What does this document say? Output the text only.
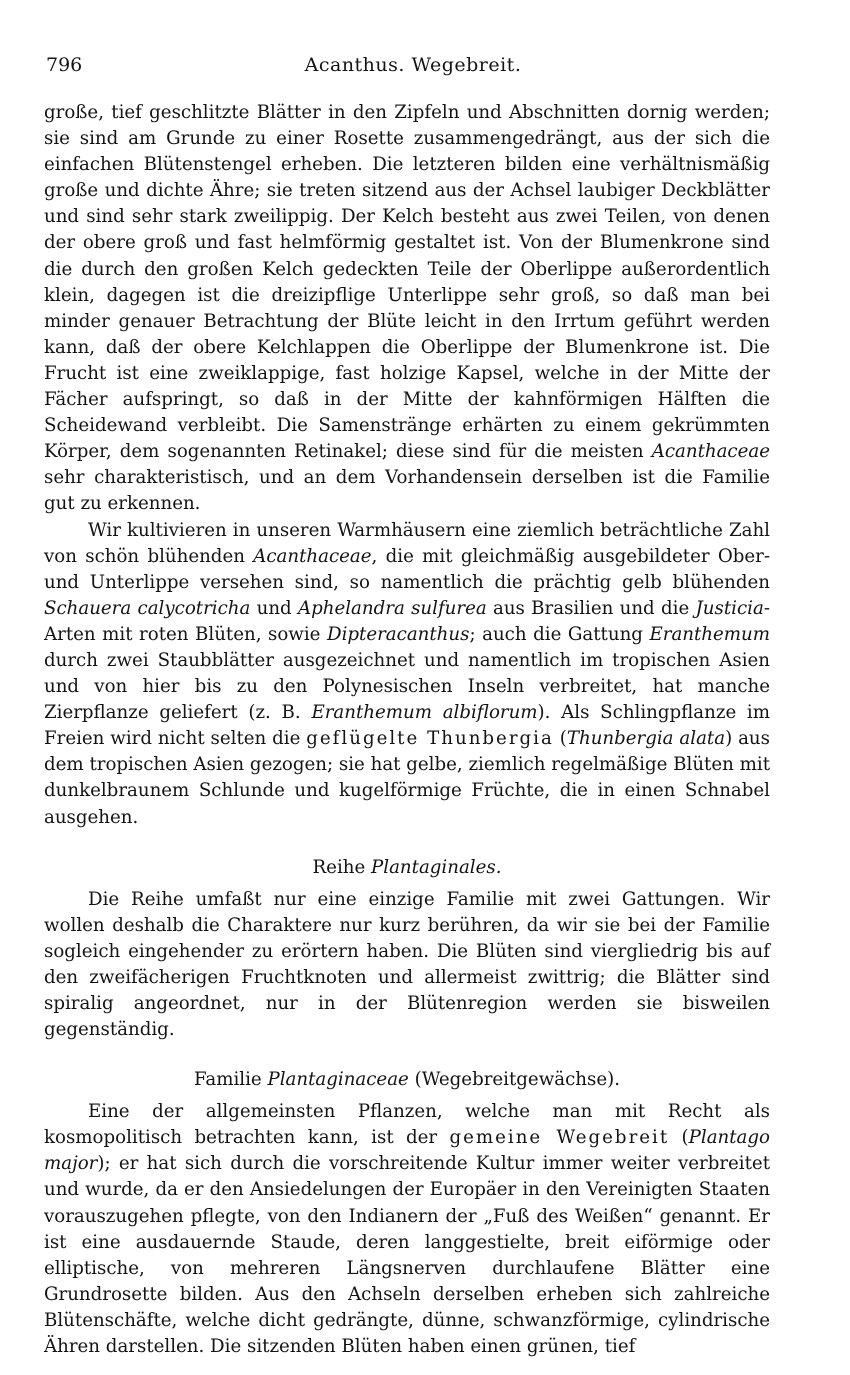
796	Acanthus. Wegebreit.

große, tief geschlitzte Blätter in den Zipfeln und Abschnitten dornig werden; sie sind am Grunde zu einer Rosette zusammengedrängt, aus der sich die einfachen Blütenstengel erheben. Die letzteren bilden eine verhältnismäßig große und dichte Ähre; sie treten sitzend aus der Achsel laubiger Deckblätter und sind sehr stark zweilippig. Der Kelch besteht aus zwei Teilen, von denen der obere groß und fast helmförmig gestaltet ist. Von der Blumenkrone sind die durch den großen Kelch gedeckten Teile der Oberlippe außerordentlich klein, dagegen ist die dreizipflige Unterlippe sehr groß, so daß man bei minder genauer Betrachtung der Blüte leicht in den Irrtum geführt werden kann, daß der obere Kelchlappen die Oberlippe der Blumenkrone ist. Die Frucht ist eine zweiklappige, fast holzige Kapsel, welche in der Mitte der Fächer aufspringt, so daß in der Mitte der kahnförmigen Hälften die Scheidewand verbleibt. Die Samenstränge erhärten zu einem gekrümmten Körper, dem sogenannten Retinakel; diese sind für die meisten Acanthaceae sehr charakteristisch, und an dem Vorhandensein derselben ist die Familie gut zu erkennen.

Wir kultivieren in unseren Warmhäusern eine ziemlich beträchtliche Zahl von schön blühenden Acanthaceae, die mit gleichmäßig ausgebildeter Ober- und Unterlippe versehen sind, so namentlich die prächtig gelb blühenden Schauera calycotricha und Aphelandra sulfurea aus Brasilien und die Justicia-Arten mit roten Blüten, sowie Dipteracanthus; auch die Gattung Eranthemum durch zwei Staubblätter ausgezeichnet und namentlich im tropischen Asien und von hier bis zu den Polynesischen Inseln verbreitet, hat manche Zierpflanze geliefert (z. B. Eranthemum albiflorum). Als Schlingpflanze im Freien wird nicht selten die geflügelte Thunbergia (Thunbergia alata) aus dem tropischen Asien gezogen; sie hat gelbe, ziemlich regelmäßige Blüten mit dunkelbraunem Schlunde und kugelförmige Früchte, die in einen Schnabel ausgehen.

Reihe Plantaginales.

Die Reihe umfaßt nur eine einzige Familie mit zwei Gattungen. Wir wollen deshalb die Charaktere nur kurz berühren, da wir sie bei der Familie sogleich eingehender zu erörtern haben. Die Blüten sind viergliedrig bis auf den zweifächerigen Fruchtknoten und allermeist zwittrig; die Blätter sind spiralig angeordnet, nur in der Blütenregion werden sie bisweilen gegenständig.

Familie Plantaginaceae (Wegebreitgewächse).

Eine der allgemeinsten Pflanzen, welche man mit Recht als kosmopolitisch betrachten kann, ist der gemeine Wegebreit (Plantago major); er hat sich durch die vorschreitende Kultur immer weiter verbreitet und wurde, da er den Ansiedelungen der Europäer in den Vereinigten Staaten vorauszugehen pflegte, von den Indianern der „Fuß des Weißen“ genannt. Er ist eine ausdauernde Staude, deren langgestielte, breit eiförmige oder elliptische, von mehreren Längsnerven durchlaufene Blätter eine Grundrosette bilden. Aus den Achseln derselben erheben sich zahlreiche Blütenschäfte, welche dicht gedrängte, dünne, schwanzförmige, cylindrische Ähren darstellen. Die sitzenden Blüten haben einen grünen, tief
